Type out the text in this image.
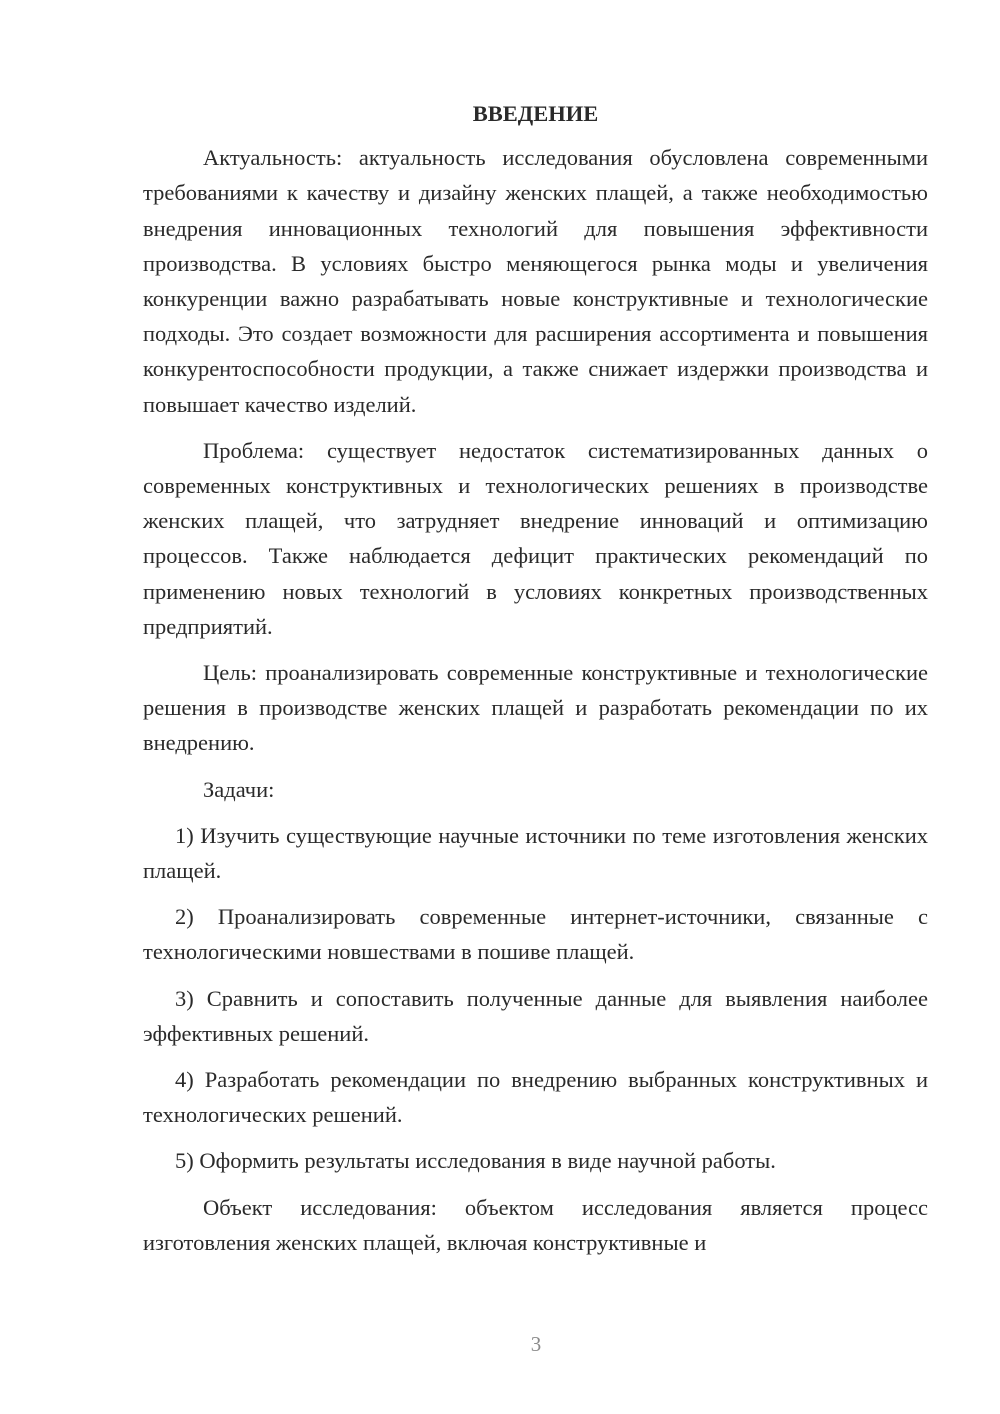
ВВЕДЕНИЕ

Актуальность: актуальность исследования обусловлена современными требованиями к качеству и дизайну женских плащей, а также необходимостью внедрения инновационных технологий для повышения эффективности производства. В условиях быстро меняющегося рынка моды и увеличения конкуренции важно разрабатывать новые конструктивные и технологические подходы. Это создает возможности для расширения ассортимента и повышения конкурентоспособности продукции, а также снижает издержки производства и повышает качество изделий.

Проблема: существует недостаток систематизированных данных о современных конструктивных и технологических решениях в производстве женских плащей, что затрудняет внедрение инноваций и оптимизацию процессов. Также наблюдается дефицит практических рекомендаций по применению новых технологий в условиях конкретных производственных предприятий.

Цель: проанализировать современные конструктивные и технологические решения в производстве женских плащей и разработать рекомендации по их внедрению.

Задачи:

1) Изучить существующие научные источники по теме изготовления женских плащей.

2) Проанализировать современные интернет-источники, связанные с технологическими новшествами в пошиве плащей.

3) Сравнить и сопоставить полученные данные для выявления наиболее эффективных решений.

4) Разработать рекомендации по внедрению выбранных конструктивных и технологических решений.

5) Оформить результаты исследования в виде научной работы.

Объект исследования: объектом исследования является процесс изготовления женских плащей, включая конструктивные и

3
